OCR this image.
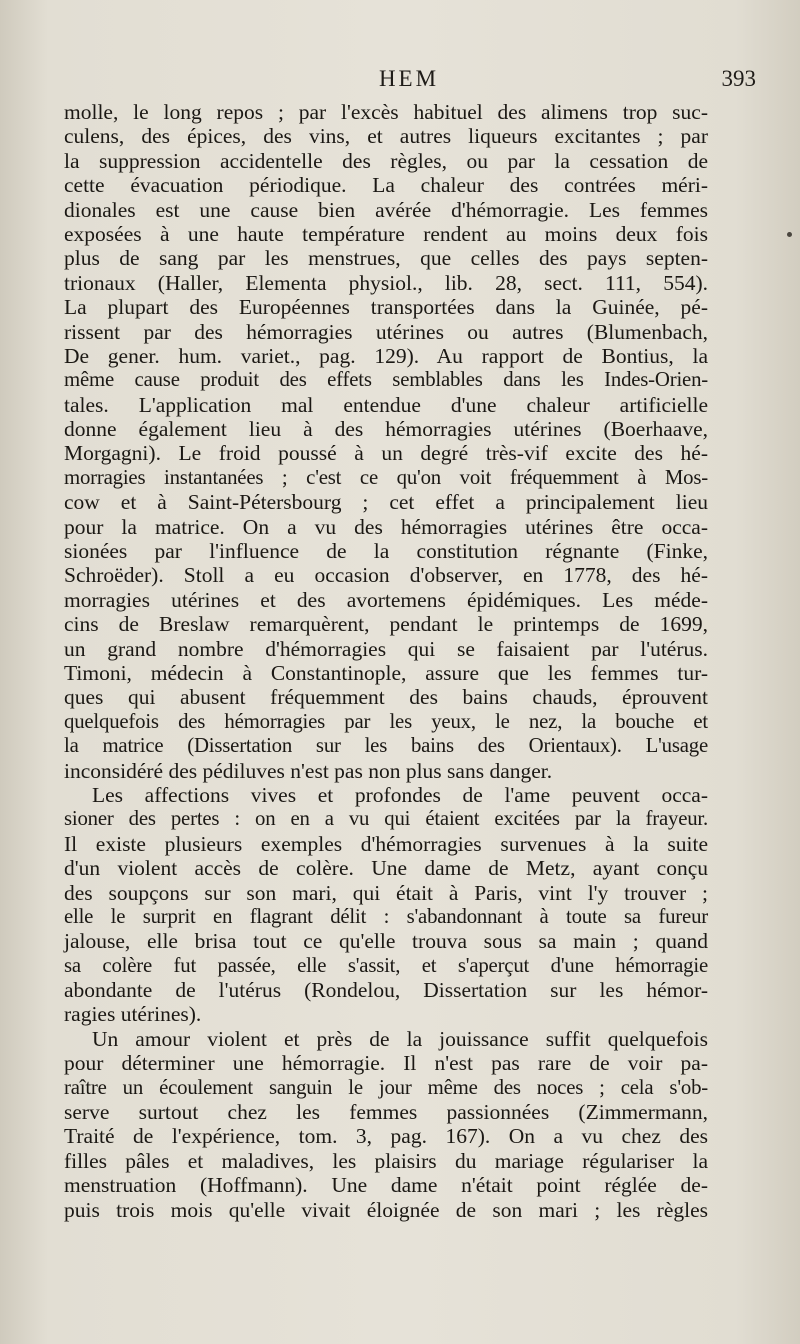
HEM	393
molle, le long repos ; par l'excès habituel des alimens trop suc-
culens, des épices, des vins, et autres liqueurs excitantes ; par
la suppression accidentelle des règles, ou par la cessation de
cette évacuation périodique. La chaleur des contrées méri-
dionales est une cause bien avérée d'hémorragie. Les femmes
exposées à une haute température rendent au moins deux fois
plus de sang par les menstrues, que celles des pays septen-
trionaux (Haller, Elementa physiol., lib. 28, sect. 111, 554).
La plupart des Européennes transportées dans la Guinée, pé-
rissent par des hémorragies utérines ou autres (Blumenbach,
De gener. hum. variet., pag. 129). Au rapport de Bontius, la
même cause produit des effets semblables dans les Indes-Orien-
tales. L'application mal entendue d'une chaleur artificielle
donne également lieu à des hémorragies utérines (Boerhaave,
Morgagni). Le froid poussé à un degré très-vif excite des hé-
morragies instantanées ; c'est ce qu'on voit fréquemment à Mos-
cow et à Saint-Pétersbourg ; cet effet a principalement lieu
pour la matrice. On a vu des hémorragies utérines être occa-
sionées par l'influence de la constitution régnante (Finke,
Schroëder). Stoll a eu occasion d'observer, en 1778, des hé-
morragies utérines et des avortemens épidémiques. Les méde-
cins de Breslaw remarquèrent, pendant le printemps de 1699,
un grand nombre d'hémorragies qui se faisaient par l'utérus.
Timoni, médecin à Constantinople, assure que les femmes tur-
ques qui abusent fréquemment des bains chauds, éprouvent
quelquefois des hémorragies par les yeux, le nez, la bouche et
la matrice (Dissertation sur les bains des Orientaux). L'usage
inconsidéré des pédiluves n'est pas non plus sans danger.
Les affections vives et profondes de l'ame peuvent occa-
sioner des pertes : on en a vu qui étaient excitées par la frayeur.
Il existe plusieurs exemples d'hémorragies survenues à la suite
d'un violent accès de colère. Une dame de Metz, ayant conçu
des soupçons sur son mari, qui était à Paris, vint l'y trouver ;
elle le surprit en flagrant délit : s'abandonnant à toute sa fureur
jalouse, elle brisa tout ce qu'elle trouva sous sa main ; quand
sa colère fut passée, elle s'assit, et s'aperçut d'une hémorragie
abondante de l'utérus (Rondelou, Dissertation sur les hémor-
ragies utérines).
Un amour violent et près de la jouissance suffit quelquefois
pour déterminer une hémorragie. Il n'est pas rare de voir pa-
raître un écoulement sanguin le jour même des noces ; cela s'ob-
serve surtout chez les femmes passionnées (Zimmermann,
Traité de l'expérience, tom. 3, pag. 167). On a vu chez des
filles pâles et maladives, les plaisirs du mariage régulariser la
menstruation (Hoffmann). Une dame n'était point réglée de-
puis trois mois qu'elle vivait éloignée de son mari ; les règles
